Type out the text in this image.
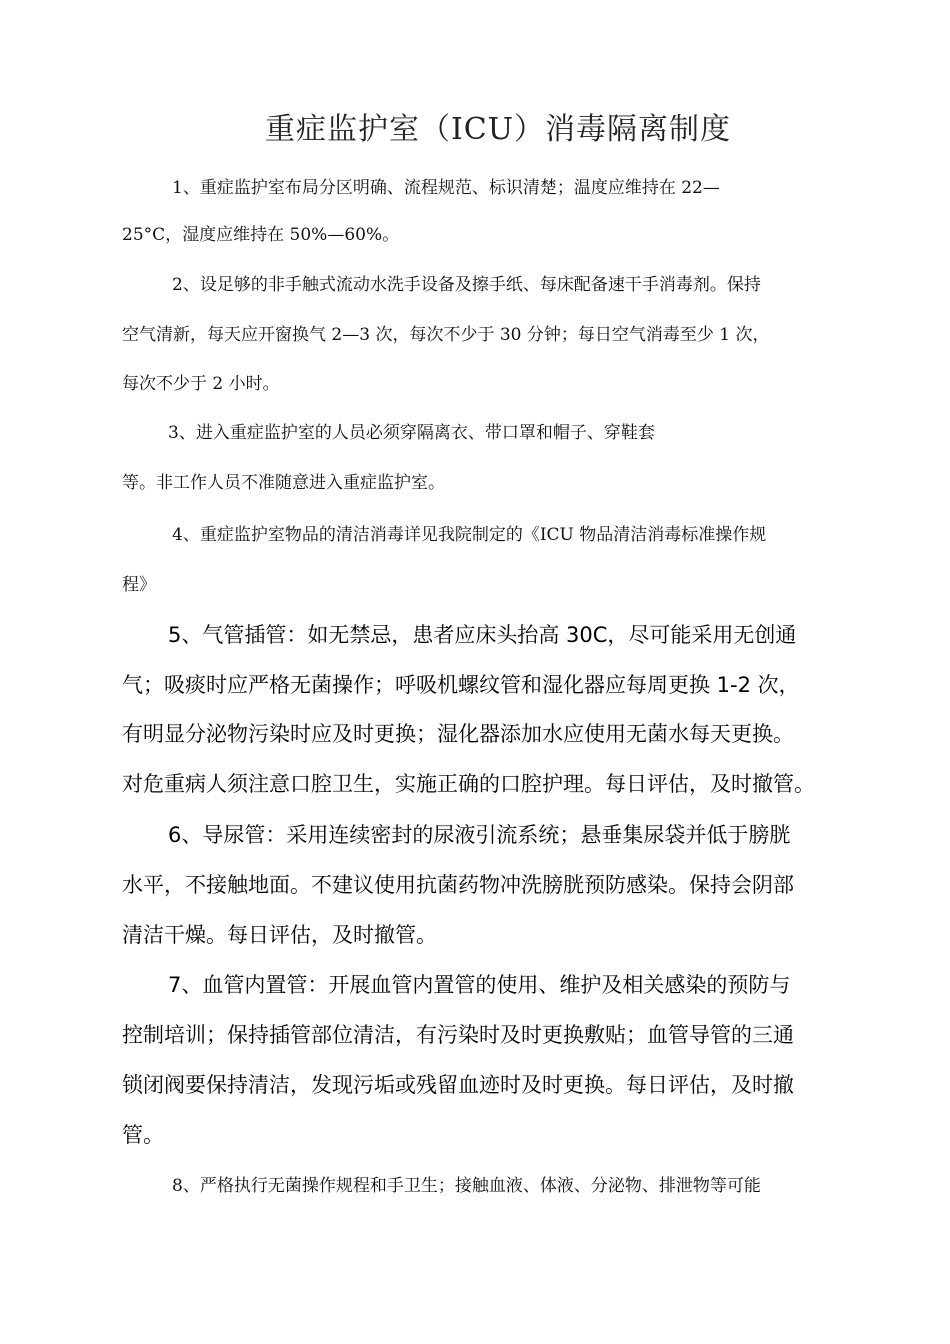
重症监护室（ICU）消毒隔离制度
1、重症监护室布局分区明确、流程规范、标识清楚；温度应维持在 22—
25°C，湿度应维持在 50%—60%。
2、设足够的非手触式流动水洗手设备及擦手纸、每床配备速干手消毒剂。保持
空气清新，每天应开窗换气 2—3 次，每次不少于 30 分钟；每日空气消毒至少 1 次，
每次不少于 2 小时。
3、进入重症监护室的人员必须穿隔离衣、带口罩和帽子、穿鞋套
等。非工作人员不准随意进入重症监护室。
4、重症监护室物品的清洁消毒详见我院制定的《ICU 物品清洁消毒标准操作规
程》
5、气管插管：如无禁忌，患者应床头抬高 30C，尽可能采用无创通
气；吸痰时应严格无菌操作；呼吸机螺纹管和湿化器应每周更换 1-2 次，
有明显分泌物污染时应及时更换；湿化器添加水应使用无菌水每天更换。
对危重病人须注意口腔卫生，实施正确的口腔护理。每日评估，及时撤管。
6、导尿管：采用连续密封的尿液引流系统；悬垂集尿袋并低于膀胱
水平，不接触地面。不建议使用抗菌药物冲洗膀胱预防感染。保持会阴部
清洁干燥。每日评估，及时撤管。
7、血管内置管：开展血管内置管的使用、维护及相关感染的预防与
控制培训；保持插管部位清洁，有污染时及时更换敷贴；血管导管的三通
锁闭阀要保持清洁，发现污垢或残留血迹时及时更换。每日评估，及时撤
管。
8、严格执行无菌操作规程和手卫生；接触血液、体液、分泌物、排泄物等可能
